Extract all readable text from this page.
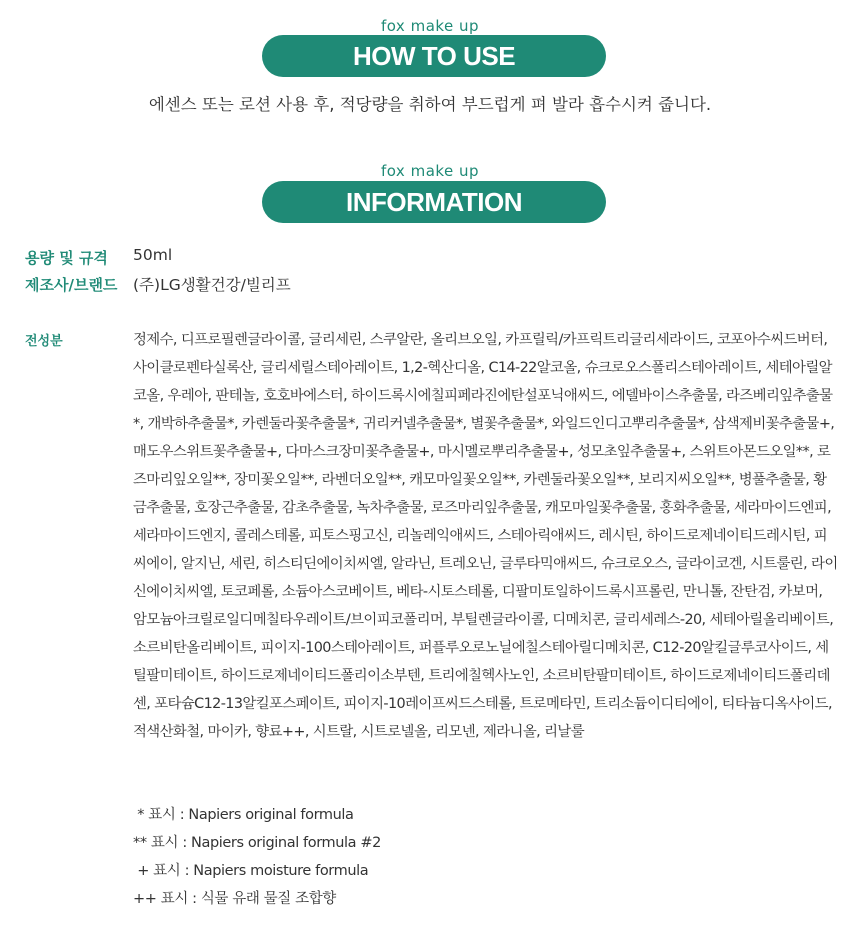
fox make up
HOW TO USE
에센스 또는 로션 사용 후, 적당량을 취하여 부드럽게 펴 발라 흡수시켜 줍니다.
fox make up
INFORMATION
용량 및 규격 50ml
제조사/브랜드 (주)LG생활건강/빌리프
전성분	정제수, 디프로필렌글라이콜, 글리세린, 스쿠알란, 올리브오일, 카프릴릭/카프릭트리글리세라이드, 코포아수씨드버터, 사이클로펜타실록산, 글리세릴스테아레이트, 1,2-헥산디올, C14-22알코올, 슈크로오스폴리스테아레이트, 세테아릴알코올, 우레아, 판테놀, 호호바에스터, 하이드록시에칠피페라진에탄설포닉애씨드, 에델바이스추출물, 라즈베리잎추출물*, 개박하추출물*, 카렌둘라꽃추출물*, 귀리커넬추출물*, 별꽃추출물*, 와일드인디고뿌리추출물*, 삼색제비꽃추출물+, 매도우스위트꽃추출물+, 다마스크장미꽃추출물+, 마시멜로뿌리추출물+, 성모초잎추출물+, 스위트아몬드오일**, 로즈마리잎오일**, 장미꽃오일**, 라벤더오일**, 캐모마일꽃오일**, 카렌둘라꽃오일**, 보리지씨오일**, 병풀추출물, 황금추출물, 호장근추출물, 감초추출물, 녹차추출물, 로즈마리잎추출물, 캐모마일꽃추출물, 홍화추출물, 세라마이드엔피, 세라마이드엔지, 콜레스테롤, 피토스핑고신, 리놀레익애씨드, 스테아릭애씨드, 레시틴, 하이드로제네이티드레시틴, 피씨에이, 알지닌, 세린, 히스티딘에이치씨엘, 알라닌, 트레오닌, 글루타믹애씨드, 슈크로오스, 글라이코겐, 시트룰린, 라이신에이치씨엘, 토코페롤, 소듐아스코베이트, 베타-시토스테롤, 디팔미토일하이드록시프롤린, 만니톨, 잔탄검, 카보머, 암모늄아크릴로일디메칠타우레이트/브이피코폴리머, 부틸렌글라이콜, 디메치콘, 글리세레스-20, 세테아릴올리베이트, 소르비탄올리베이트, 피이지-100스테아레이트, 퍼플루오로노닐에칠스테아릴디메치콘, C12-20알킬글루코사이드, 세틸팔미테이트, 하이드로제네이티드폴리이소부텐, 트리에칠헥사노인, 소르비탄팔미테이트, 하이드로제네이티드폴리데센, 포타슘C12-13알킬포스페이트, 피이지-10레이프씨드스테롤, 트로메타민, 트리소듐이디티에이, 티타늄디옥사이드, 적색산화철, 마이카, 향료++, 시트랄, 시트로넬올, 리모넨, 제라니올, 리날룰
* 표시 : Napiers original formula
** 표시 : Napiers original formula #2
+ 표시 : Napiers moisture formula
++ 표시 : 식물 유래 물질 조합향
